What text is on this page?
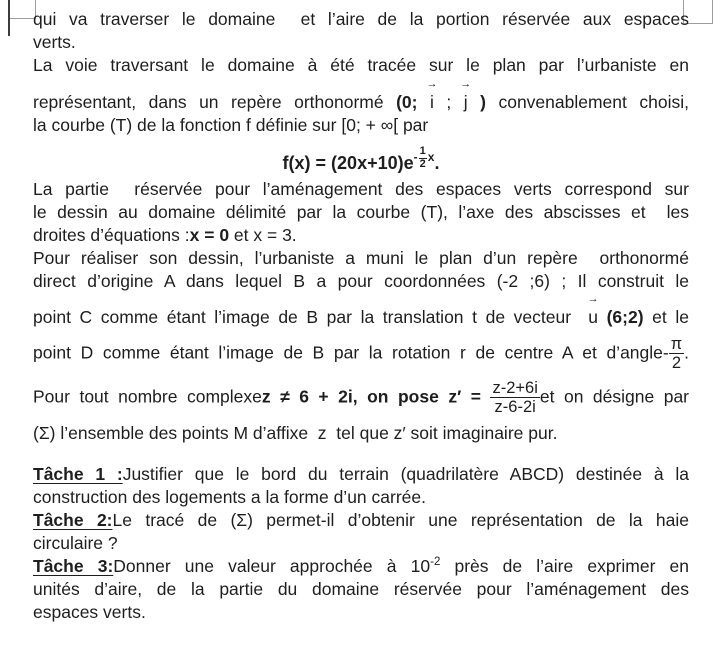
qui va traverser le domaine  et l’aire de la portion réservée aux espaces
verts.
La voie traversant le domaine à été tracée sur le plan par l’urbaniste en
représentant, dans un repère orthonormé (0;
→
i ;
→
j ) convenablement choisi,
la courbe (T) de la fonction f définie sur [0; + ∞[ par
$f(x) = (20x+10)e- \frac{1}{2} x$.
La partie  réservée pour l’aménagement des espaces verts correspond sur
le dessin au domaine délimité par la courbe (T), l’axe des abscisses et  les
droites d’équations :x = 0 et x = 3.
Pour réaliser son dessin, l’urbaniste a muni le plan d’un repère  orthonormé
direct d’origine A dans lequel B a pour coordonnées (-2 ;6) ; Il construit le
point C comme étant l’image de B par la translation t de vecteur
→
u (6;2) et le
point D comme étant l’image de B par la rotation r de centre A et d’angle- $\frac{\pi}{2}$ .
Pour tout nombre complexez ≠ 6 + 2i, on pose $z' = \frac{z-2+6i}{z-6-2i}$ et on désigne par
(Σ) l’ensemble des points M d’affixe  z  tel que z′ soit imaginaire pur.
Tâche 1 :Justifier que le bord du terrain (quadrilatère ABCD) destinée à la
construction des logements a la forme d’un carrée.
Tâche 2:Le tracé de (Σ) permet-il d’obtenir une représentation de la haie
circulaire ?
Tâche 3:Donner une valeur approchée à $10^{-2}$ près de l’aire exprimer en
unités d’aire, de la partie du domaine réservée pour l’aménagement des
espaces verts.
